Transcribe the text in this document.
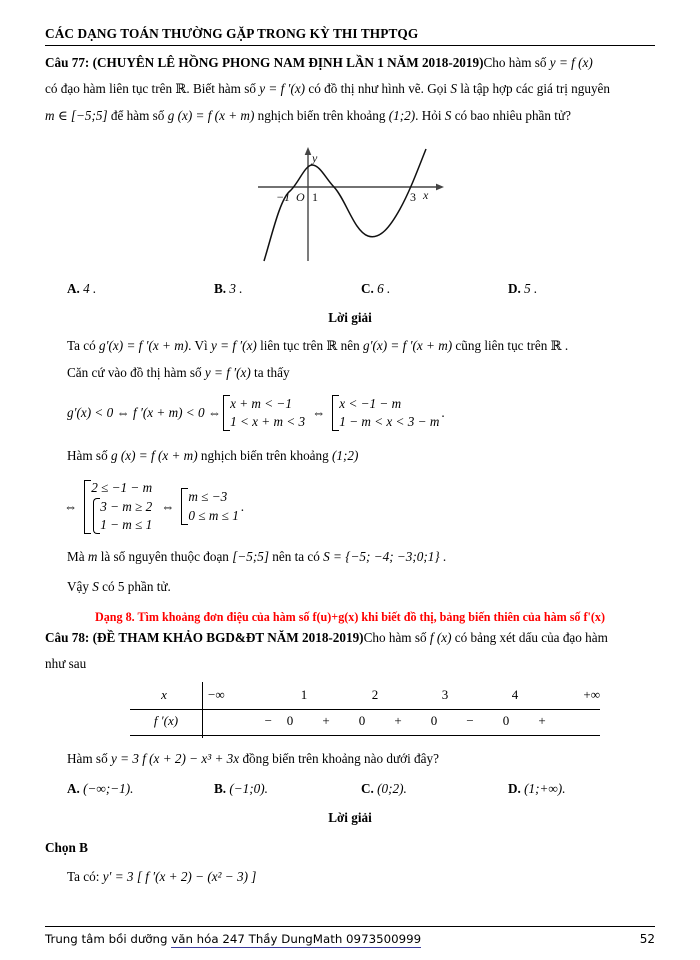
CÁC DẠNG TOÁN THƯỜNG GẶP TRONG KỲ THI THPTQG
Câu 77: (CHUYÊN LÊ HỒNG PHONG NAM ĐỊNH LẦN 1 NĂM 2018-2019)Cho hàm số y = f (x)
có đạo hàm liên tục trên ℝ. Biết hàm số y = f ′(x) có đồ thị như hình vẽ. Gọi S là tập hợp các giá trị nguyên
m ∈ [−5;5] để hàm số g (x) = f (x + m) nghịch biến trên khoảng (1;2). Hỏi S có bao nhiêu phần tử?
−1 O 1	3 x
y
A. 4 .	B. 3 .	C. 6 .	D. 5 .
Lời giải
Ta có g′(x) = f ′(x + m). Vì y = f ′(x) liên tục trên ℝ nên g′(x) = f ′(x + m) cũng liên tục trên ℝ .
Căn cứ vào đồ thị hàm số y = f ′(x) ta thấy
g′(x) < 0 ⇔ f ′(x + m) < 0 ⇔
x + m < −1
1 < x + m < 3
⇔
x < −1 − m
1 − m < x < 3 − m
.
Hàm số g (x) = f (x + m) nghịch biến trên khoảng (1;2)
⇔
2 ≤ −1 − m
3 − m ≥ 2
1 − m ≤ 1
⇔
m ≤ −3
0 ≤ m ≤ 1
.
Mà m là số nguyên thuộc đoạn [−5;5] nên ta có S = {−5; −4; −3;0;1} .
Vậy S có 5 phần tử.
Dạng 8. Tìm khoảng đơn điệu của hàm số f(u)+g(x) khi biết đồ thị, bảng biến thiên của hàm số f'(x)
Câu 78: (ĐỀ THAM KHẢO BGD&ĐT NĂM 2018-2019)Cho hàm số f (x) có bảng xét dấu của đạo hàm
như sau
x	−∞	1	2	3	4	+∞
f ′(x)	−	0	+	0	+	0	−	0	+
Hàm số y = 3 f (x + 2) − x³ + 3x đồng biến trên khoảng nào dưới đây?
A. (−∞;−1).	B. (−1;0).	C. (0;2).	D. (1;+∞).
Lời giải
Chọn B
Ta có: y′ = 3 [ f ′(x + 2) − (x² − 3) ]
Trung tâm bồi dưỡng văn hóa 247 Thầy DungMath 0973500999	52
